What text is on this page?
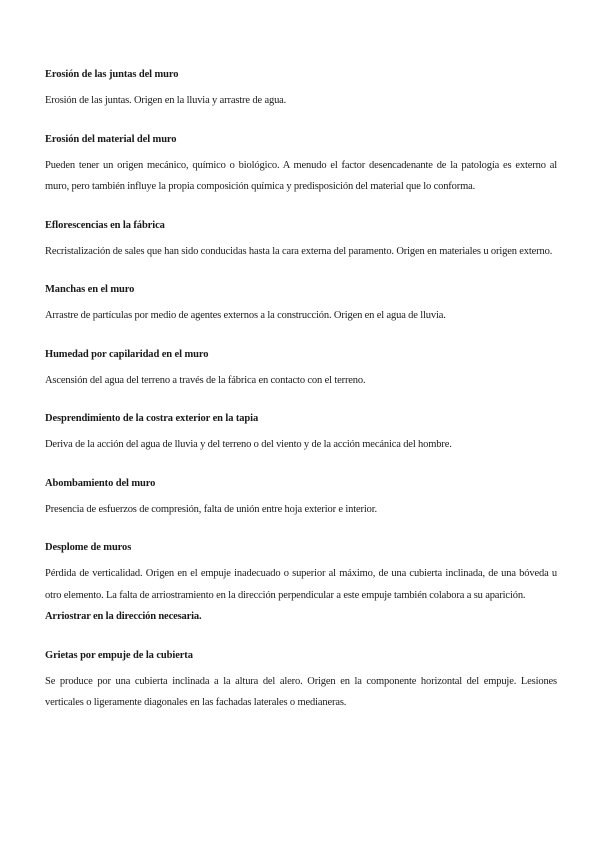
Erosión de las juntas del muro

Erosión de las juntas. Origen en la lluvia y arrastre de agua.

Erosión del material del muro

Pueden tener un origen mecánico, químico o biológico. A menudo el factor desencadenante de la patología es externo al muro, pero también influye la propia composición química y predisposición del material que lo conforma.

Eflorescencias en la fábrica

Recristalización de sales que han sido conducidas hasta la cara externa del paramento. Origen en materiales u origen externo.

Manchas en el muro

Arrastre de partículas por medio de agentes externos a la construcción. Origen en el agua de lluvia.

Humedad por capilaridad en el muro

Ascensión del agua del terreno a través de la fábrica en contacto con el terreno.

Desprendimiento de la costra exterior en la tapia

Deriva de la acción del agua de lluvia y del terreno o del viento y de la acción mecánica del hombre.

Abombamiento del muro

Presencia de esfuerzos de compresión, falta de unión entre hoja exterior e interior.

Desplome de muros

Pérdida de verticalidad. Origen en el empuje inadecuado o superior al máximo, de una cubierta inclinada, de una bóveda u otro elemento. La falta de arriostramiento en la dirección perpendicular a este empuje también colabora a su aparición.

Arriostrar en la dirección necesaria.
Grietas por empuje de la cubierta

Se produce por una cubierta inclinada a la altura del alero. Origen en la componente horizontal del empuje. Lesiones verticales o ligeramente diagonales en las fachadas laterales o medianeras.
